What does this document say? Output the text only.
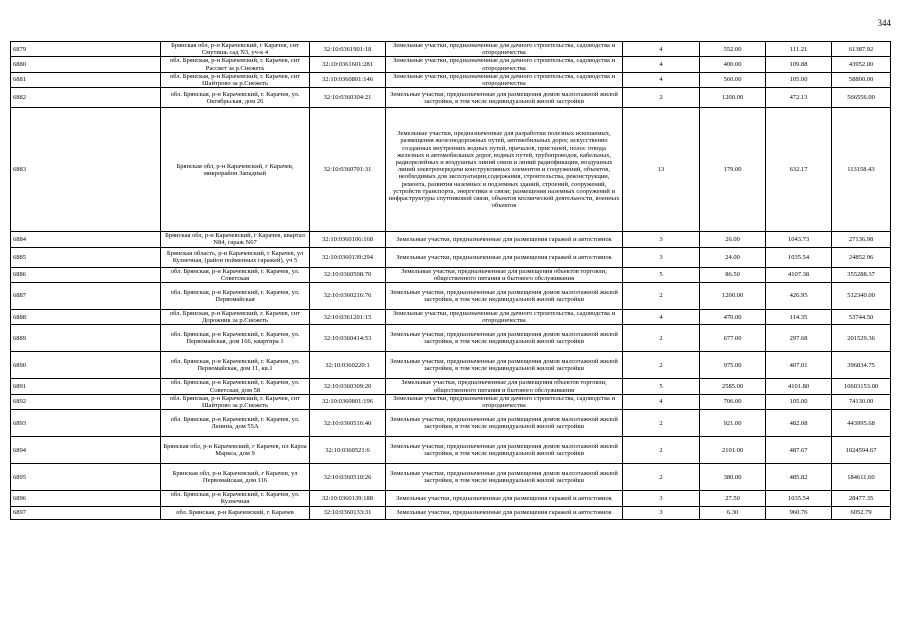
344
6879	Брянская обл, р-н Карачевский, г Карачев, снт Смутишь сад N3, уч-к 4	32:10:0361901:18	Земельные участки, предназначенные для дачного строительства, садоводства и огородничества	4	552.00	111.21	61387.92
6880	обл. Брянская, р-н Карачевский, г. Карачев, снт Рассвет за р.Снежеть	32:10:0361601:281	Земельные участки, предназначенные для дачного строительства, садоводства и огородничества	4	400.00	109.88	43952.00
6881	обл. Брянская, р-н Карачевский, г. Карачев, снт Шайтрово за р.Снежеть	32:10:0360801:146	Земельные участки, предназначенные для дачного строительства, садоводства и огородничества	4	560.00	105.00	58800.00
6882	обл. Брянская, р-н Карачевский, г. Карачев, ул. Октябрьская, дом 26	32:10:0360304:21	Земельные участки, предназначенные для размещения домов малоэтажной жилой застройки, в том числе индивидуальной жилой застройки	2	1200.00	472.13	566556.00
6883	Брянская обл, р-н Карачевский, г Карачев, микрорайон Западный	32:10:0360701:31	Земельные участки, предназначенные для разработки полезных ископаемых, размещения железнодорожных путей, автомобильных дорог, искусственно созданных внутренних водных путей, причалов, пристаней, полос отвода железных и автомобильных дорог, водных путей, трубопроводов, кабельных, радиорелейных и воздушных линий связи и линий радиофикации, воздушных линий электропередачи конструктивных элементов и сооружений, объектов, необходимых для эксплуатации,содержания, строительства, реконструкции, ремонта, развития наземных и подземных зданий, строений, сооружений, устройств транспорта, энергетики и связи; размещения наземных сооружений и инфраструктуры спутниковой связи, объектов космической деятельности, военных объектов	13	179.00	632.17	113158.43
6884	Брянская обл, р-н Карачевский, г Карачев, квартал N84, гараж N67	32:10:0360106:168	Земельные участки, предназначенные для размещения гаражей и автостоянок	3	26.00	1043.73	27136.98
6885	Брянская область, р-н Карачевский, г Карачев, ул Кузнечная, (район пойменных гаражей), уч 5	32:10:0360139:294	Земельные участки, предназначенные для размещения гаражей и автостоянок	3	24.00	1035.54	24852.96
6886	обл. Брянская, р-н Карачевский, г. Карачев, ул. Советская	32:10:0360508:70	Земельные участки, предназначенные для размещения объектов торговли, общественного питания и бытового обслуживания	5	86.50	4107.38	355288.37
6887	обл. Брянская, р-н Карачевский, г. Карачев, ул. Первомайская	32:10:0360216:76	Земельные участки, предназначенные для размещения домов малоэтажной жилой застройки, в том числе индивидуальной жилой застройки	2	1200.00	426.95	512340.00
6888	обл. Брянская, р-н Карачевский, г. Карачев, снт Дорожник за р.Снежеть	32:10:0361201:15	Земельные участки, предназначенные для дачного строительства, садоводства и огородничества	4	470.00	114.35	53744.50
6889	обл. Брянская, р-н Карачевский, г. Карачев, ул. Первомайская, дом 166, квартира 1	32:10:0360414:53	Земельные участки, предназначенные для размещения домов малоэтажной жилой застройки, в том числе индивидуальной жилой застройки	2	677.00	297.68	201529.36
6890	обл. Брянская, р-н Карачевский, г. Карачев, ул. Первомайская, дом 11, кв.1	32:10:0360220:1	Земельные участки, предназначенные для размещения домов малоэтажной жилой застройки, в том числе индивидуальной жилой застройки	2	975.00	407.01	396834.75
6891	обл. Брянская, р-н Карачевский, г. Карачев, ул. Советская, дом 58	32:10:0360309:20	Земельные участки, предназначенные для размещения объектов торговли, общественного питания и бытового обслуживания	5	2585.00	4101.80	10603153.00
6892	обл. Брянская, р-н Карачевский, г. Карачев, снт Шайтрово за р.Снежеть	32:10:0360801:196	Земельные участки, предназначенные для дачного строительства, садоводства и огородничества	4	706.00	105.00	74130.00
6893	обл. Брянская, р-н Карачевский, г. Карачев, ул. Ленина, дом 55А	32:10:0360516:40	Земельные участки, предназначенные для размещения домов малоэтажной жилой застройки, в том числе индивидуальной жилой застройки	2	921.00	482.08	443995.68
6894	Брянская обл, р-н Карачевский, г Карачев, пл Карла Маркса, дом 9	32:10:0360521:6	Земельные участки, предназначенные для размещения домов малоэтажной жилой застройки, в том числе индивидуальной жилой застройки	2	2101.00	487.67	1024594.67
6895	Брянская обл, р-н Карачевский, г Карачев, ул Первомайская, дом 116	32:10:0360510:26	Земельные участки, предназначенные для размещения домов малоэтажной жилой застройки, в том числе индивидуальной жилой застройки	2	380.00	485.82	184611.60
6896	обл. Брянская, р-н Карачевский, г. Карачев, ул. Кузнечная	32:10:0360139:188	Земельные участки, предназначенные для размещения гаражей и автостоянок	3	27.50	1035.54	28477.35
6897	обл. Брянская, р-н Карачевский, г. Карачев	32:10:0360133:31	Земельные участки, предназначенные для размещения гаражей и автостоянок	3	6.30	960.76	6052.79
